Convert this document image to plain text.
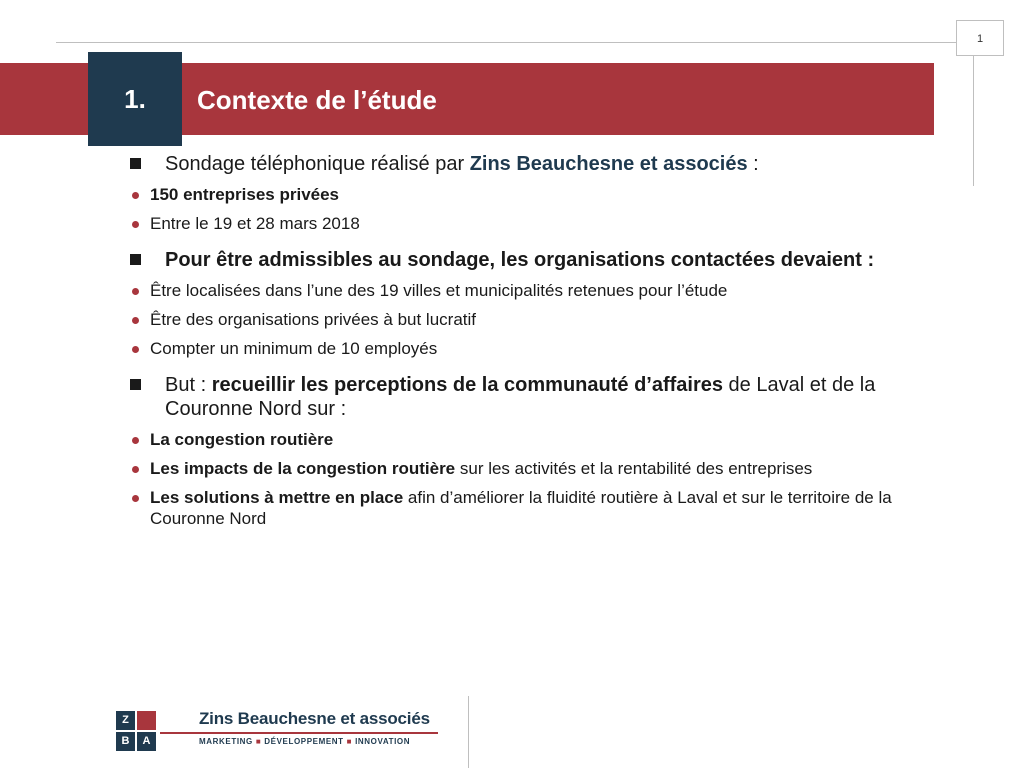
1
1.	Contexte de l’étude
Sondage téléphonique réalisé par Zins Beauchesne et associés :
150 entreprises privées
Entre le 19 et 28 mars 2018
Pour être admissibles au sondage, les organisations contactées devaient :
Être localisées dans l’une des 19 villes et municipalités retenues pour l’étude
Être des organisations privées à but lucratif
Compter un minimum de 10 employés
But : recueillir les perceptions de la communauté d’affaires de Laval et de la Couronne Nord sur :
La congestion routière
Les impacts de la congestion routière sur les activités et la rentabilité des entreprises
Les solutions à mettre en place afin d’améliorer la fluidité routière à Laval et sur le territoire de la Couronne Nord
Z
B	A
Zins Beauchesne et associés
MARKETING ■ DÉVELOPPEMENT ■ INNOVATION
